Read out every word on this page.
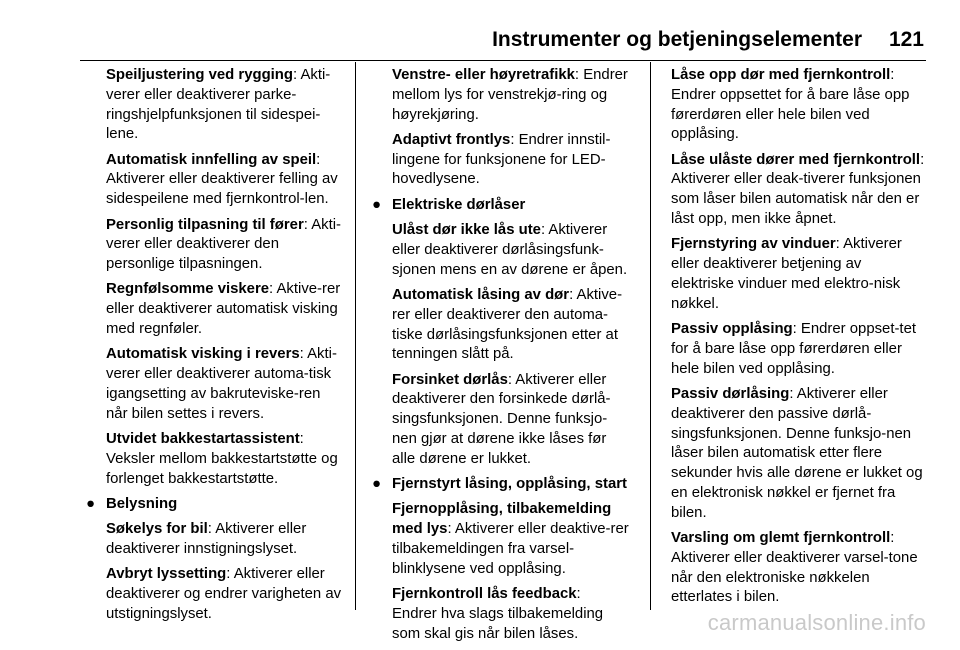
Instrumenter og betjeningselementer 121

Speiljustering ved rygging: Akti-verer eller deaktiverer parke-ringshjelpfunksjonen til sidespei-lene.

Automatisk innfelling av speil: Aktiverer eller deaktiverer felling av sidespeilene med fjernkontrol-len.

Personlig tilpasning til fører: Akti-verer eller deaktiverer den personlige tilpasningen.

Regnfølsomme viskere: Aktive-rer eller deaktiverer automatisk visking med regnføler.

Automatisk visking i revers: Akti-verer eller deaktiverer automa-tisk igangsetting av bakruteviske-ren når bilen settes i revers.

Utvidet bakkestartassistent: Veksler mellom bakkestartstøtte og forlenget bakkestartstøtte.

● Belysning

Søkelys for bil: Aktiverer eller deaktiverer innstigningslyset.

Avbryt lyssetting: Aktiverer eller deaktiverer og endrer varigheten av utstigningslyset.

Venstre- eller høyretrafikk: Endrer mellom lys for venstrekjø-ring og høyrekjøring.

Adaptivt frontlys: Endrer innstil-lingene for funksjonene for LED-hovedlysene.

● Elektriske dørlåser

Ulåst dør ikke lås ute: Aktiverer eller deaktiverer dørlåsingsfunk-sjonen mens en av dørene er åpen.

Automatisk låsing av dør: Aktive-rer eller deaktiverer den automa-tiske dørlåsingsfunksjonen etter at tenningen slått på.

Forsinket dørlås: Aktiverer eller deaktiverer den forsinkede dørlå-singsfunksjonen. Denne funksjo-nen gjør at dørene ikke låses før alle dørene er lukket.

● Fjernstyrt låsing, opplåsing, start

Fjernopplåsing, tilbakemelding med lys: Aktiverer eller deaktive-rer tilbakemeldingen fra varsel-blinklysene ved opplåsing.

Fjernkontroll lås feedback: Endrer hva slags tilbakemelding som skal gis når bilen låses.

Låse opp dør med fjernkontroll: Endrer oppsettet for å bare låse opp førerdøren eller hele bilen ved opplåsing.

Låse ulåste dører med fjernkontroll: Aktiverer eller deak-tiverer funksjonen som låser bilen automatisk når den er låst opp, men ikke åpnet.

Fjernstyring av vinduer: Aktiverer eller deaktiverer betjening av elektriske vinduer med elektro-nisk nøkkel.

Passiv opplåsing: Endrer oppset-tet for å bare låse opp førerdøren eller hele bilen ved opplåsing.

Passiv dørlåsing: Aktiverer eller deaktiverer den passive dørlå-singsfunksjonen. Denne funksjo-nen låser bilen automatisk etter flere sekunder hvis alle dørene er lukket og en elektronisk nøkkel er fjernet fra bilen.

Varsling om glemt fjernkontroll: Aktiverer eller deaktiverer varsel-tone når den elektroniske nøkkelen etterlates i bilen.

carmanualsonline.info
